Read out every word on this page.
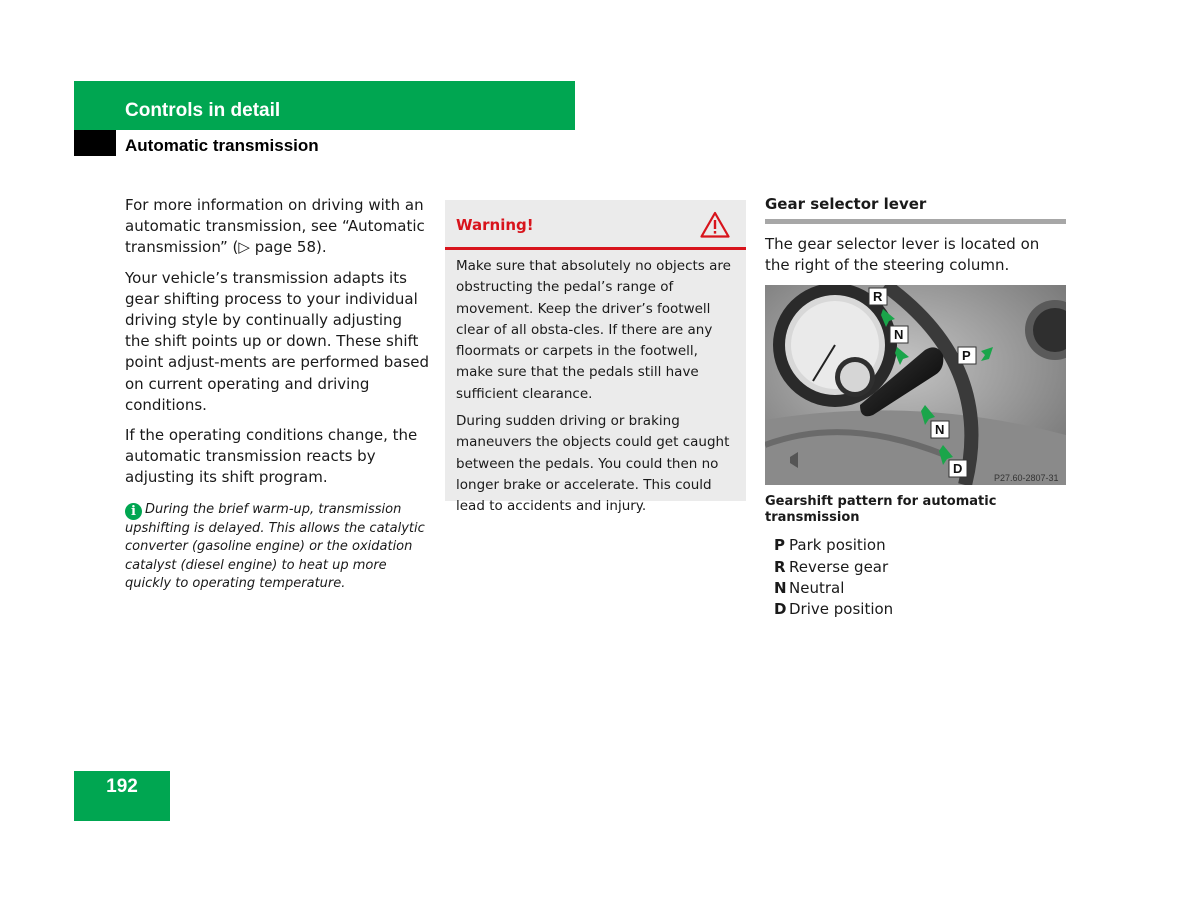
Controls in detail
Automatic transmission

For more information on driving with an automatic transmission, see “Automatic transmission” (▷ page 58).

Your vehicle’s transmission adapts its gear shifting process to your individual driving style by continually adjusting the shift points up or down. These shift point adjust-ments are performed based on current operating and driving conditions.

If the operating conditions change, the automatic transmission reacts by adjusting its shift program.

i During the brief warm-up, transmission upshifting is delayed. This allows the catalytic converter (gasoline engine) or the oxidation catalyst (diesel engine) to heat up more quickly to operating temperature.
Warning!

Make sure that absolutely no objects are obstructing the pedal’s range of movement. Keep the driver’s footwell clear of all obsta-cles. If there are any floormats or carpets in the footwell, make sure that the pedals still have sufficient clearance.

During sudden driving or braking maneuvers the objects could get caught between the pedals. You could then no longer brake or accelerate. This could lead to accidents and injury.

Gear selector lever

The gear selector lever is located on the right of the steering column.

R
N
P
N
D
P27.60-2807-31
Gearshift pattern for automatic transmission
P Park position
R Reverse gear
N Neutral
D Drive position
192
